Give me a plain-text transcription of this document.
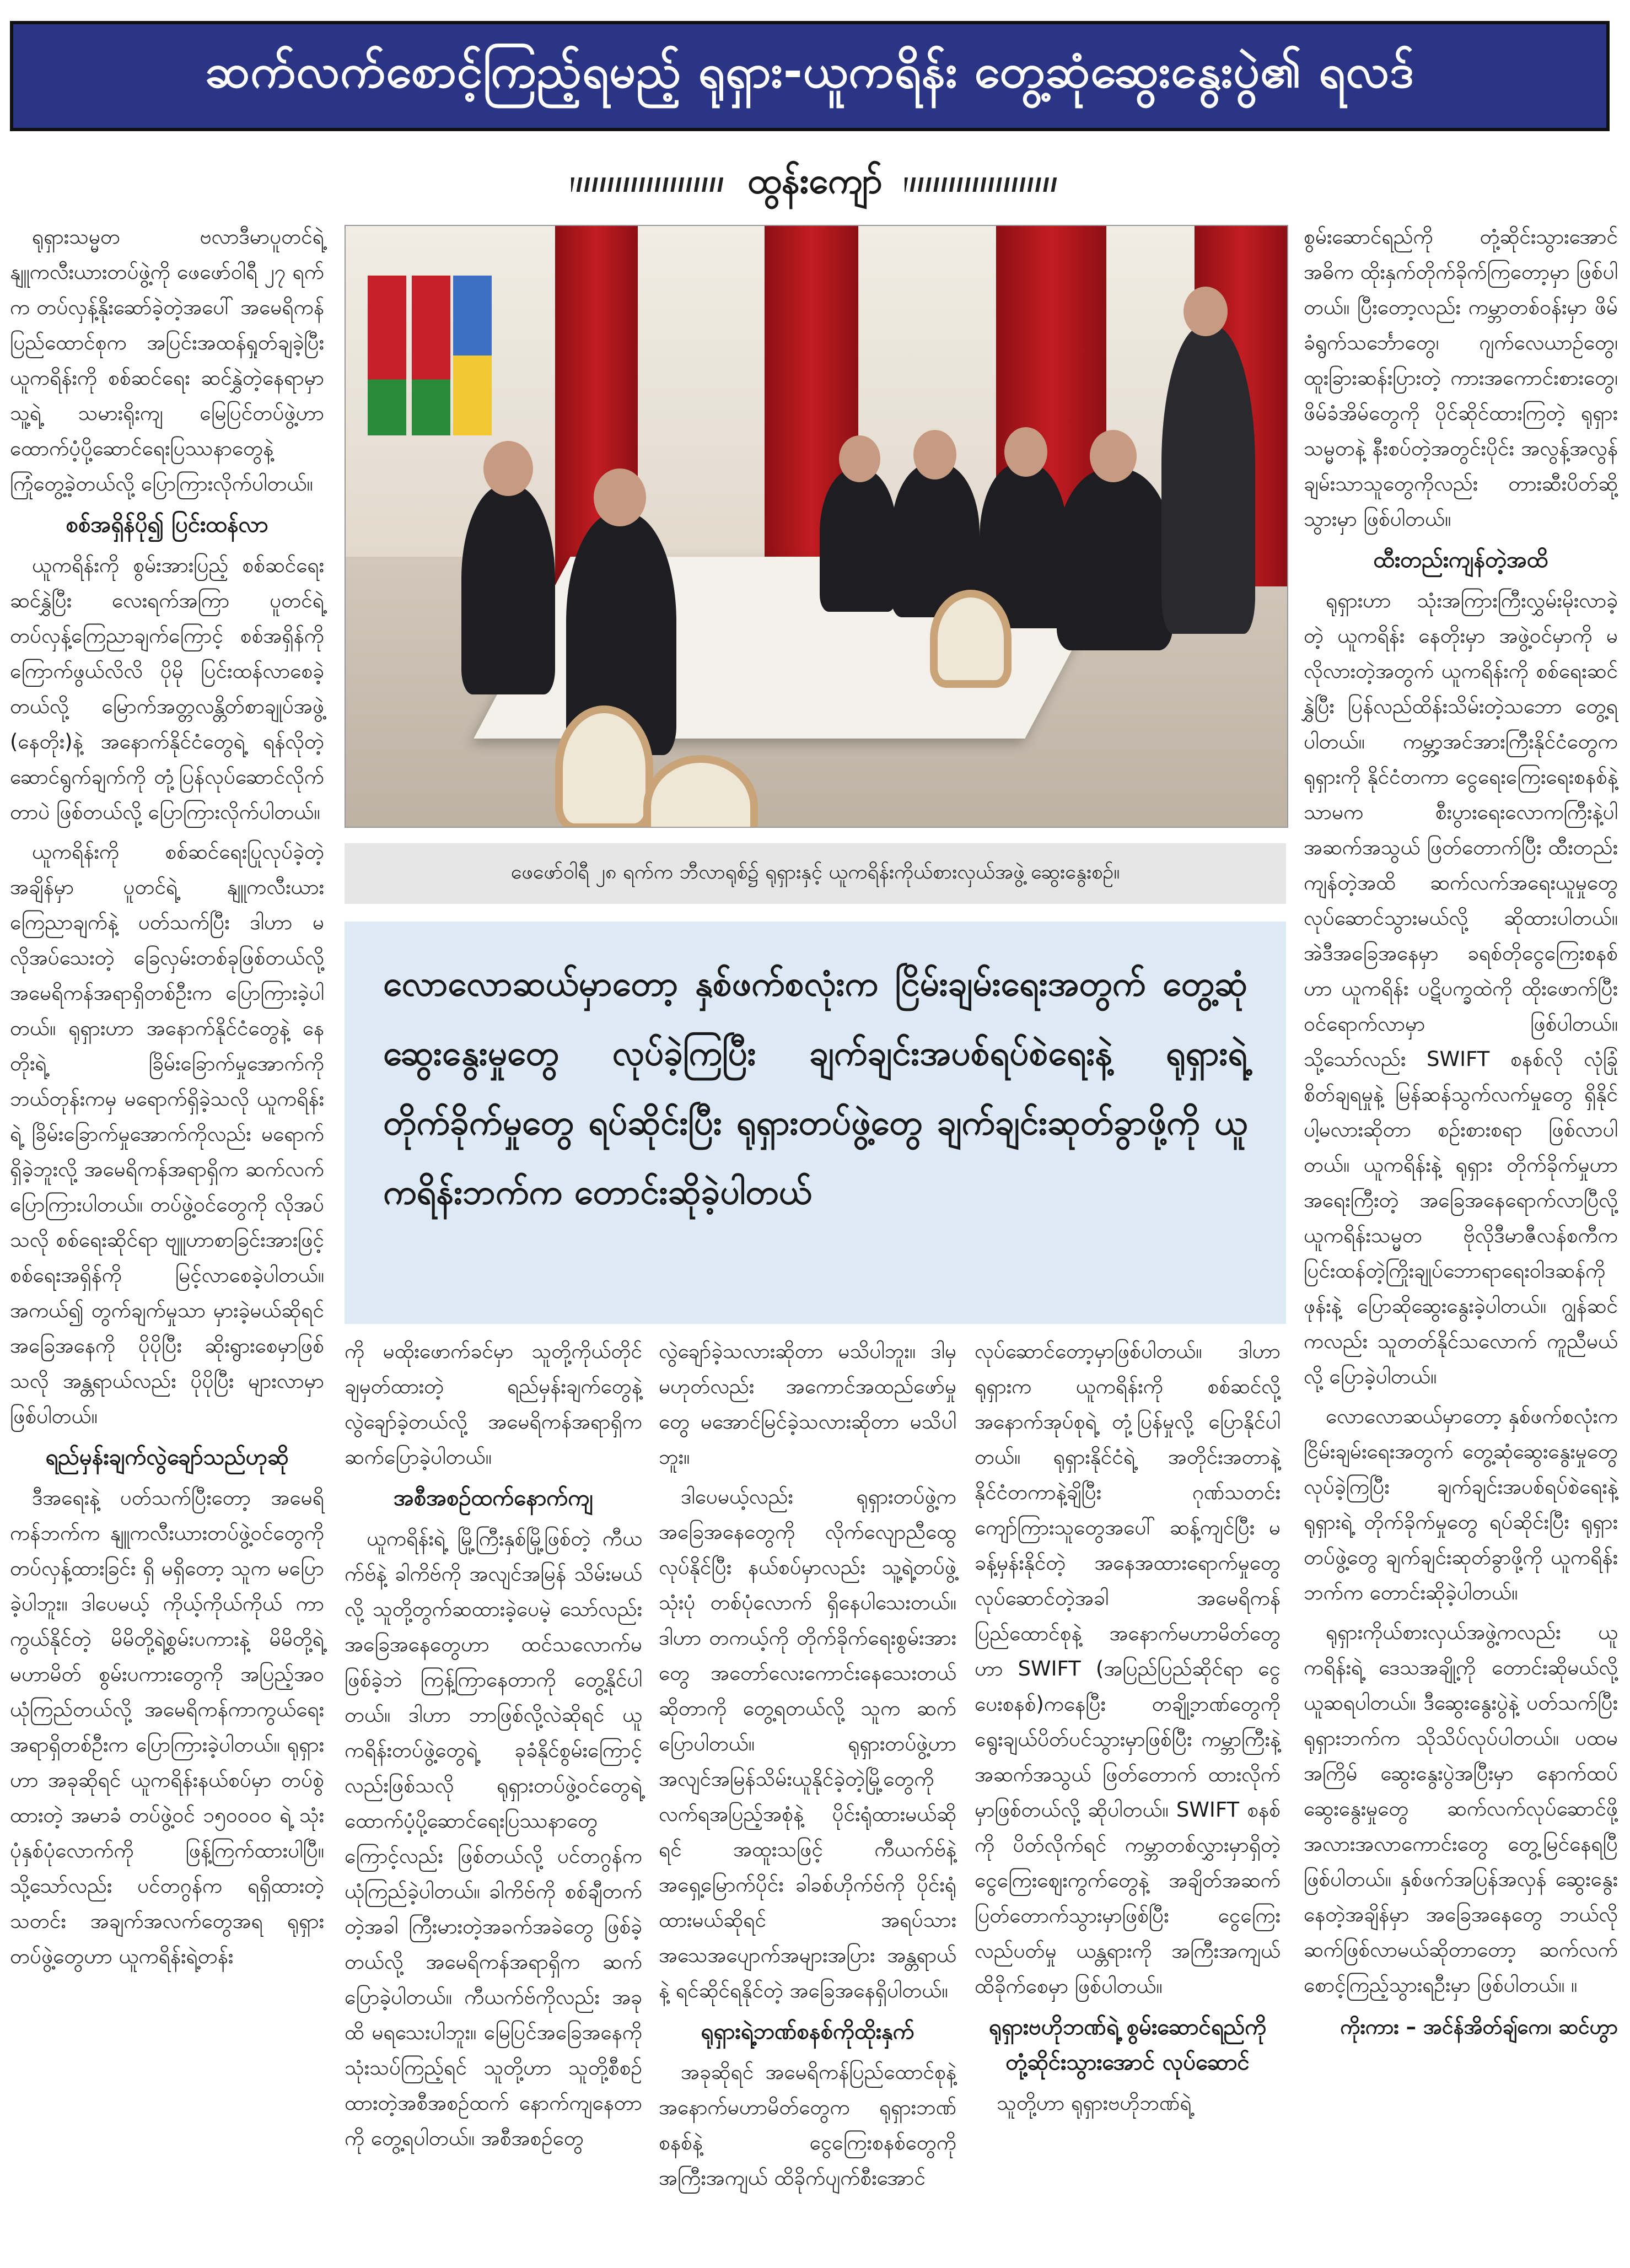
ဆက်လက်စောင့်ကြည့်ရမည့် ရုရှား-ယူကရိန်း တွေ့ဆုံဆွေးနွေးပွဲ၏ ရလဒ်
ထွန်းကျော်

ရုရှားသမ္မတ ဗလာဒီမာပူတင်ရဲ့ နျူကလီးယားတပ်ဖွဲ့ကို ဖေဖော်ဝါရီ ၂၇ ရက်က တပ်လှန့်နိုးဆော်ခဲ့တဲ့အပေါ် အမေရိကန်ပြည်ထောင်စုက အပြင်းအထန်ရှုတ်ချခဲ့ပြီး ယူကရိန်းကို စစ်ဆင်ရေး ဆင်နွှဲတဲ့နေရာမှာ သူ့ရဲ့ သမားရိုးကျ မြေပြင်တပ်ဖွဲ့ဟာ ထောက်ပံ့ပို့ဆောင်ရေးပြဿနာတွေနဲ့ ကြုံတွေ့ခဲ့တယ်လို့ ပြောကြားလိုက်ပါတယ်။

စစ်အရှိန်ပို၍ ပြင်းထန်လာ

ယူကရိန်းကို စွမ်းအားပြည့် စစ်ဆင်ရေး ဆင်နွှဲပြီး လေးရက်အကြာ ပူတင်ရဲ့ တပ်လှန့်ကြေညာချက်ကြောင့် စစ်အရှိန်ကို ကြောက်ဖွယ်လိလိ ပိုမို ပြင်းထန်လာစေခဲ့တယ်လို့ မြောက်အတ္တလန္တိတ်စာချုပ်အဖွဲ့ (နေတိုး)နဲ့ အနောက်နိုင်ငံတွေရဲ့ ရန်လိုတဲ့ ဆောင်ရွက်ချက်ကို တုံ့ပြန်လုပ်ဆောင်လိုက်တာပဲ ဖြစ်တယ်လို့ ပြောကြားလိုက်ပါတယ်။

ယူကရိန်းကို စစ်ဆင်ရေးပြုလုပ်ခဲ့တဲ့ အချိန်မှာ ပူတင်ရဲ့ နျူကလီးယားကြေညာချက်နဲ့ ပတ်သက်ပြီး ဒါဟာ မလိုအပ်သေးတဲ့ ခြေလှမ်းတစ်ခုဖြစ်တယ်လို့ အမေရိကန်အရာရှိတစ်ဦးက ပြောကြားခဲ့ပါတယ်။ ရုရှားဟာ အနောက်နိုင်ငံတွေနဲ့ နေတိုးရဲ့ ခြိမ်းခြောက်မှုအောက်ကို ဘယ်တုန်းကမှ မရောက်ရှိခဲ့သလို ယူကရိန်းရဲ့ ခြိမ်းခြောက်မှုအောက်ကိုလည်း မရောက်ရှိခဲ့ဘူးလို့ အမေရိကန်အရာရှိက ဆက်လက်ပြောကြားပါတယ်။ တပ်ဖွဲ့ဝင်တွေကို လိုအပ်သလို စစ်ရေးဆိုင်ရာ ဗျူဟာစာခြင်းအားဖြင့် စစ်ရေးအရှိန်ကို မြင့်လာစေခဲ့ပါတယ်။ အကယ်၍ တွက်ချက်မှုသာ မှားခဲ့မယ်ဆိုရင် အခြေအနေကို ပိုပိုပြီး ဆိုးရွားစေမှာဖြစ်သလို အန္တရာယ်လည်း ပိုပိုပြီး များလာမှာ ဖြစ်ပါတယ်။

ရည်မှန်းချက်လွဲချော်သည်ဟုဆို

ဒီအရေးနဲ့ ပတ်သက်ပြီးတော့ အမေရိကန်ဘက်က နျူကလီးယားတပ်ဖွဲ့ဝင်တွေကို တပ်လှန့်ထားခြင်း ရှိ မရှိတော့ သူက မပြောခဲ့ပါဘူး။ ဒါပေမယ့် ကိုယ့်ကိုယ်ကိုယ် ကာကွယ်နိုင်တဲ့ မိမိတို့ရဲ့စွမ်းပကားနဲ့ မိမိတို့ရဲ့ မဟာမိတ် စွမ်းပကားတွေကို အပြည့်အဝ ယုံကြည်တယ်လို့ အမေရိကန်ကာကွယ်ရေး အရာရှိတစ်ဦးက ပြောကြားခဲ့ပါတယ်။ ရုရှားဟာ အခုဆိုရင် ယူကရိန်းနယ်စပ်မှာ တပ်စွဲထားတဲ့ အမာခံ တပ်ဖွဲ့ဝင် ၁၅၀၀၀၀ ရဲ့ သုံးပုံနှစ်ပုံလောက်ကို ဖြန့်ကြက်ထားပါပြီ။ သို့သော်လည်း ပင်တဂွန်က ရရှိထားတဲ့ သတင်း အချက်အလက်တွေအရ ရုရှားတပ်ဖွဲ့တွေဟာ ယူကရိန်းရဲ့တန်း

ဖေဖော်ဝါရီ ၂၈ ရက်က ဘီလာရုစ်၌ ရုရှားနှင့် ယူကရိန်းကိုယ်စားလှယ်အဖွဲ့ ဆွေးနွေးစဉ်။
လောလောဆယ်မှာတော့ နှစ်ဖက်စလုံးက ငြိမ်းချမ်းရေးအတွက် တွေ့ဆုံဆွေးနွေးမှုတွေ လုပ်ခဲ့ကြပြီး ချက်ချင်းအပစ်ရပ်စဲရေးနဲ့ ရုရှားရဲ့ တိုက်ခိုက်မှုတွေ ရပ်ဆိုင်းပြီး ရုရှားတပ်ဖွဲ့တွေ ချက်ချင်းဆုတ်ခွာဖို့ကို ယူကရိန်းဘက်က တောင်းဆိုခဲ့ပါတယ်

ကို မထိုးဖောက်ခင်မှာ သူတို့ကိုယ်တိုင် ချမှတ်ထားတဲ့ ရည်မှန်းချက်တွေနဲ့ လွဲချော်ခဲ့တယ်လို့ အမေရိကန်အရာရှိက ဆက်ပြောခဲ့ပါတယ်။

အစီအစဉ်ထက်နောက်ကျ

ယူကရိန်းရဲ့ မြို့ကြီးနှစ်မြို့ဖြစ်တဲ့ ကီယက်ဗ်နဲ့ ခါကိဗ်ကို အလျင်အမြန် သိမ်းမယ်လို့ သူတို့တွက်ဆထားခဲ့ပေမဲ့ သော်လည်း အခြေအနေတွေဟာ ထင်သလောက်မဖြစ်ခဲ့ဘဲ ကြန့်ကြာနေတာကို တွေ့နိုင်ပါတယ်။ ဒါဟာ ဘာဖြစ်လို့လဲဆိုရင် ယူကရိန်းတပ်ဖွဲ့တွေရဲ့ ခုခံနိုင်စွမ်းကြောင့်လည်းဖြစ်သလို ရုရှားတပ်ဖွဲ့ဝင်တွေရဲ့ ထောက်ပံ့ပို့ဆောင်ရေးပြဿနာတွေကြောင့်လည်း ဖြစ်တယ်လို့ ပင်တဂွန်က ယုံကြည်ခဲ့ပါတယ်။ ခါကိဗ်ကို စစ်ချီတက်တဲ့အခါ ကြီးမားတဲ့အခက်အခဲတွေ ဖြစ်ခဲ့တယ်လို့ အမေရိကန်အရာရှိက ဆက်ပြောခဲ့ပါတယ်။ ကီယက်ဗ်ကိုလည်း အခုထိ မရသေးပါဘူး။ မြေပြင်အခြေအနေကို သုံးသပ်ကြည့်ရင် သူတို့ဟာ သူတို့စီစဉ်ထားတဲ့အစီအစဉ်ထက် နောက်ကျနေတာကို တွေ့ရပါတယ်။ အစီအစဉ်တွေ

လွဲချော်ခဲ့သလားဆိုတာ မသိပါဘူး။ ဒါမှမဟုတ်လည်း အကောင်အထည်ဖော်မှုတွေ မအောင်မြင်ခဲ့သလားဆိုတာ မသိပါဘူး။

ဒါပေမယ့်လည်း ရုရှားတပ်ဖွဲ့က အခြေအနေတွေကို လိုက်လျောညီထွေ လုပ်နိုင်ပြီး နယ်စပ်မှာလည်း သူ့ရဲ့တပ်ဖွဲ့ သုံးပုံ တစ်ပုံလောက် ရှိနေပါသေးတယ်။ ဒါဟာ တကယ့်ကို တိုက်ခိုက်ရေးစွမ်းအားတွေ အတော်လေးကောင်းနေသေးတယ်ဆိုတာကို တွေ့ရတယ်လို့ သူက ဆက်ပြောပါတယ်။ ရုရှားတပ်ဖွဲ့ဟာ အလျင်အမြန်သိမ်းယူနိုင်ခဲ့တဲ့မြို့တွေကို လက်ရအပြည့်အစုံနဲ့ ပိုင်းရုံထားမယ်ဆိုရင် အထူးသဖြင့် ကီယက်ဗ်နဲ့ အရှေ့မြောက်ပိုင်း ခါခစ်ဟိုက်ဗ်ကို ပိုင်းရုံထားမယ်ဆိုရင် အရပ်သားအသေအပျောက်အများအပြား အန္တရာယ်နဲ့ ရင်ဆိုင်ရနိုင်တဲ့ အခြေအနေရှိပါတယ်။

ရုရှားရဲ့ဘဏ်စနစ်ကိုထိုးနှက်

အခုဆိုရင် အမေရိကန်ပြည်ထောင်စုနဲ့ အနောက်မဟာမိတ်တွေက ရုရှားဘဏ်စနစ်နဲ့ ငွေကြေးစနစ်တွေကို အကြီးအကျယ် ထိခိုက်ပျက်စီးအောင်

လုပ်ဆောင်တော့မှာဖြစ်ပါတယ်။ ဒါဟာ ရုရှားက ယူကရိန်းကို စစ်ဆင်လို့ အနောက်အုပ်စုရဲ့ တုံ့ပြန်မှုလို့ ပြောနိုင်ပါတယ်။ ရုရှားနိုင်ငံရဲ့ အတိုင်းအတာနဲ့ နိုင်ငံတကာနဲ့ချိပြီး ဂုဏ်သတင်း ကျော်ကြားသူတွေအပေါ် ဆန့်ကျင်ပြီး မခန့်မှန်းနိုင်တဲ့ အနေအထားရောက်မှုတွေ လုပ်ဆောင်တဲ့အခါ အမေရိကန်ပြည်ထောင်စုနဲ့ အနောက်မဟာမိတ်တွေဟာ SWIFT (အပြည်ပြည်ဆိုင်ရာ ငွေပေးစနစ်)ကနေပြီး တချို့ဘဏ်တွေကို ရွေးချယ်ပိတ်ပင်သွားမှာဖြစ်ပြီး ကမ္ဘာကြီးနဲ့ အဆက်အသွယ် ဖြတ်တောက် ထားလိုက်မှာဖြစ်တယ်လို့ ဆိုပါတယ်။ SWIFT စနစ်ကို ပိတ်လိုက်ရင် ကမ္ဘာတစ်လွှားမှာရှိတဲ့ ငွေကြေးဈေးကွက်တွေနဲ့ အချိတ်အဆက် ပြတ်တောက်သွားမှာဖြစ်ပြီး ငွေကြေးလည်ပတ်မှု ယန္တရားကို အကြီးအကျယ် ထိခိုက်စေမှာ ဖြစ်ပါတယ်။

ရုရှားဗဟိုဘဏ်ရဲ့ စွမ်းဆောင်ရည်ကို တုံ့ဆိုင်းသွားအောင် လုပ်ဆောင်

သူတို့ဟာ ရုရှားဗဟိုဘဏ်ရဲ့

စွမ်းဆောင်ရည်ကို တုံ့ဆိုင်းသွားအောင် အဓိက ထိုးနှက်တိုက်ခိုက်ကြတော့မှာ ဖြစ်ပါတယ်။ ပြီးတော့လည်း ကမ္ဘာတစ်ဝန်းမှာ ဖိမ်ခံရွက်သင်္ဘောတွေ၊ ဂျက်လေယာဉ်တွေ၊ ထူးခြားဆန်းပြားတဲ့ ကားအကောင်းစားတွေ၊ ဖိမ်ခံအိမ်တွေကို ပိုင်ဆိုင်ထားကြတဲ့ ရုရှားသမ္မတနဲ့ နီးစပ်တဲ့အတွင်းပိုင်း အလွန့်အလွန် ချမ်းသာသူတွေကိုလည်း တားဆီးပိတ်ဆို့သွားမှာ ဖြစ်ပါတယ်။

ထီးတည်းကျန်တဲ့အထိ

ရုရှားဟာ သုံးအကြားကြီးလွှမ်းမိုးလာခဲ့တဲ့ ယူကရိန်း နေတိုးမှာ အဖွဲ့ဝင်မှာကို မလိုလားတဲ့အတွက် ယူကရိန်းကို စစ်ရေးဆင်နွှဲပြီး ပြန်လည်ထိန်းသိမ်းတဲ့သဘော တွေ့ရပါတယ်။ ကမ္ဘာ့အင်အားကြီးနိုင်ငံတွေက ရုရှားကို နိုင်ငံတကာ ငွေရေးကြေးရေးစနစ်နဲ့ သာမက စီးပွားရေးလောကကြီးနဲ့ပါ အဆက်အသွယ် ဖြတ်တောက်ပြီး ထီးတည်းကျန်တဲ့အထိ ဆက်လက်အရေးယူမှုတွေ လုပ်ဆောင်သွားမယ်လို့ ဆိုထားပါတယ်။ အဲဒီအခြေအနေမှာ ခရစ်တိုငွေကြေးစနစ်ဟာ ယူကရိန်း ပဋိပက္ခထဲကို ထိုးဖောက်ပြီး ဝင်ရောက်လာမှာ ဖြစ်ပါတယ်။ သို့သော်လည်း SWIFT စနစ်လို လုံခြုံစိတ်ချရမှုနဲ့ မြန်ဆန်သွက်လက်မှုတွေ ရှိနိုင်ပါ့မလားဆိုတာ စဉ်းစားစရာ ဖြစ်လာပါတယ်။ ယူကရိန်းနဲ့ ရုရှား တိုက်ခိုက်မှုဟာ အရေးကြီးတဲ့ အခြေအနေရောက်လာပြီလို့ ယူကရိန်းသမ္မတ ဗိုလိုဒီမာဇီလန်စကီက ပြင်းထန်တဲ့ကြိုးချုပ်ဘောရာရေးဝါဒဆန်ကို ဖုန်းနဲ့ ပြောဆိုဆွေးနွေးခဲ့ပါတယ်။ ဂျွန်ဆင်ကလည်း သူတတ်နိုင်သလောက် ကူညီမယ်လို့ ပြောခဲ့ပါတယ်။

လောလောဆယ်မှာတော့ နှစ်ဖက်စလုံးက ငြိမ်းချမ်းရေးအတွက် တွေ့ဆုံဆွေးနွေးမှုတွေ လုပ်ခဲ့ကြပြီး ချက်ချင်းအပစ်ရပ်စဲရေးနဲ့ ရုရှားရဲ့ တိုက်ခိုက်မှုတွေ ရပ်ဆိုင်းပြီး ရုရှားတပ်ဖွဲ့တွေ ချက်ချင်းဆုတ်ခွာဖို့ကို ယူကရိန်းဘက်က တောင်းဆိုခဲ့ပါတယ်။

ရုရှားကိုယ်စားလှယ်အဖွဲ့ကလည်း ယူကရိန်းရဲ့ ဒေသအချို့ကို တောင်းဆိုမယ်လို့ ယူဆရပါတယ်။ ဒီဆွေးနွေးပွဲနဲ့ ပတ်သက်ပြီး ရုရှားဘက်က သိုသိပ်လုပ်ပါတယ်။ ပထမအကြိမ် ဆွေးနွေးပွဲအပြီးမှာ နောက်ထပ်ဆွေးနွေးမှုတွေ ဆက်လက်လုပ်ဆောင်ဖို့ အလားအလာကောင်းတွေ တွေ့မြင်နေရပြီ ဖြစ်ပါတယ်။ နှစ်ဖက်အပြန်အလှန် ဆွေးနွေးနေတဲ့အချိန်မှာ အခြေအနေတွေ ဘယ်လိုဆက်ဖြစ်လာမယ်ဆိုတာတော့ ဆက်လက်စောင့်ကြည့်သွားရဦးမှာ ဖြစ်ပါတယ်။ ။

ကိုးကား – အင်န်အိတ်ချ်ကေ၊ ဆင်ဟွာ
